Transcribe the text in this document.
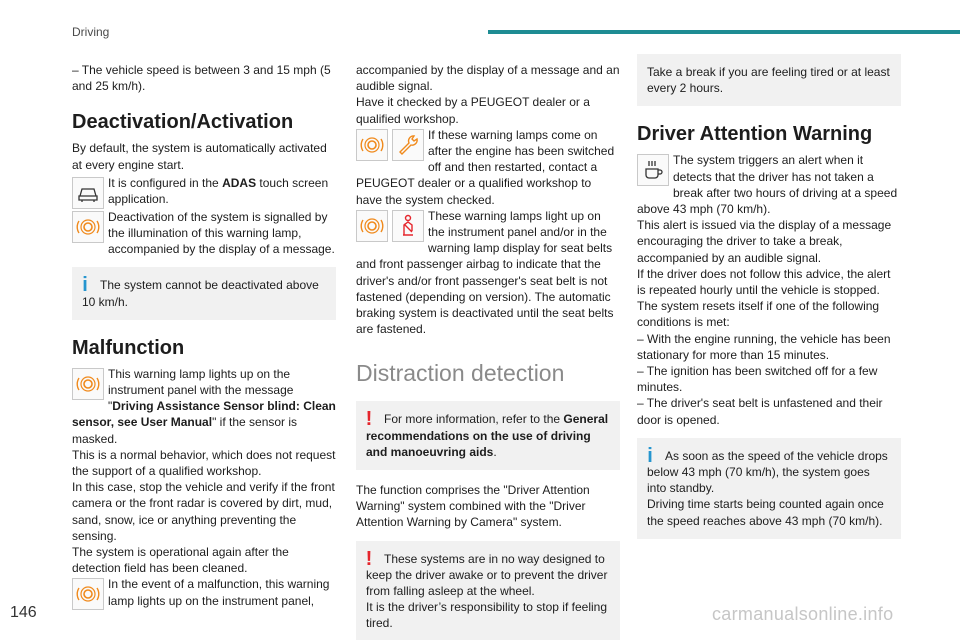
Driving

– The vehicle speed is between 3 and 15 mph (5 and 25 km/h).

Deactivation/Activation

By default, the system is automatically activated at every engine start.

It is configured in the ADAS touch screen application.

Deactivation of the system is signalled by the illumination of this warning lamp, accompanied by the display of a message.

i	The system cannot be deactivated above 10 km/h.

Malfunction

This warning lamp lights up on the instrument panel with the message "Driving Assistance Sensor blind: Clean sensor, see User Manual" if the sensor is masked.

This is a normal behavior, which does not request the support of a qualified workshop.

In this case, stop the vehicle and verify if the front camera or the front radar is covered by dirt, mud, sand, snow, ice or anything preventing the sensing.

The system is operational again after the detection field has been cleaned.

In the event of a malfunction, this warning lamp lights up on the instrument panel,

accompanied by the display of a message and an audible signal.

Have it checked by a PEUGEOT dealer or a qualified workshop.

If these warning lamps come on after the engine has been switched off and then restarted, contact a PEUGEOT dealer or a qualified workshop to have the system checked.

These warning lamps light up on the instrument panel and/or in the warning lamp display for seat belts and front passenger airbag to indicate that the driver's and/or front passenger's seat belt is not fastened (depending on version). The automatic braking system is deactivated until the seat belts are fastened.

Distraction detection
! For more information, refer to the General recommendations on the use of driving and manoeuvring aids.

The function comprises the "Driver Attention Warning" system combined with the "Driver Attention Warning by Camera" system.

! These systems are in no way designed to keep the driver awake or to prevent the driver from falling asleep at the wheel.

It is the driver’s responsibility to stop if feeling tired.

Take a break if you are feeling tired or at least every 2 hours.

Driver Attention Warning

The system triggers an alert when it detects that the driver has not taken a break after two hours of driving at a speed above 43 mph (70 km/h).

This alert is issued via the display of a message encouraging the driver to take a break, accompanied by an audible signal.

If the driver does not follow this advice, the alert is repeated hourly until the vehicle is stopped.

The system resets itself if one of the following conditions is met:

– With the engine running, the vehicle has been stationary for more than 15 minutes.

– The ignition has been switched off for a few minutes.

– The driver's seat belt is unfastened and their door is opened.

i	As soon as the speed of the vehicle drops below 43 mph (70 km/h), the system goes into standby.

Driving time starts being counted again once the speed reaches above 43 mph (70 km/h).

146	carmanualsonline.info
